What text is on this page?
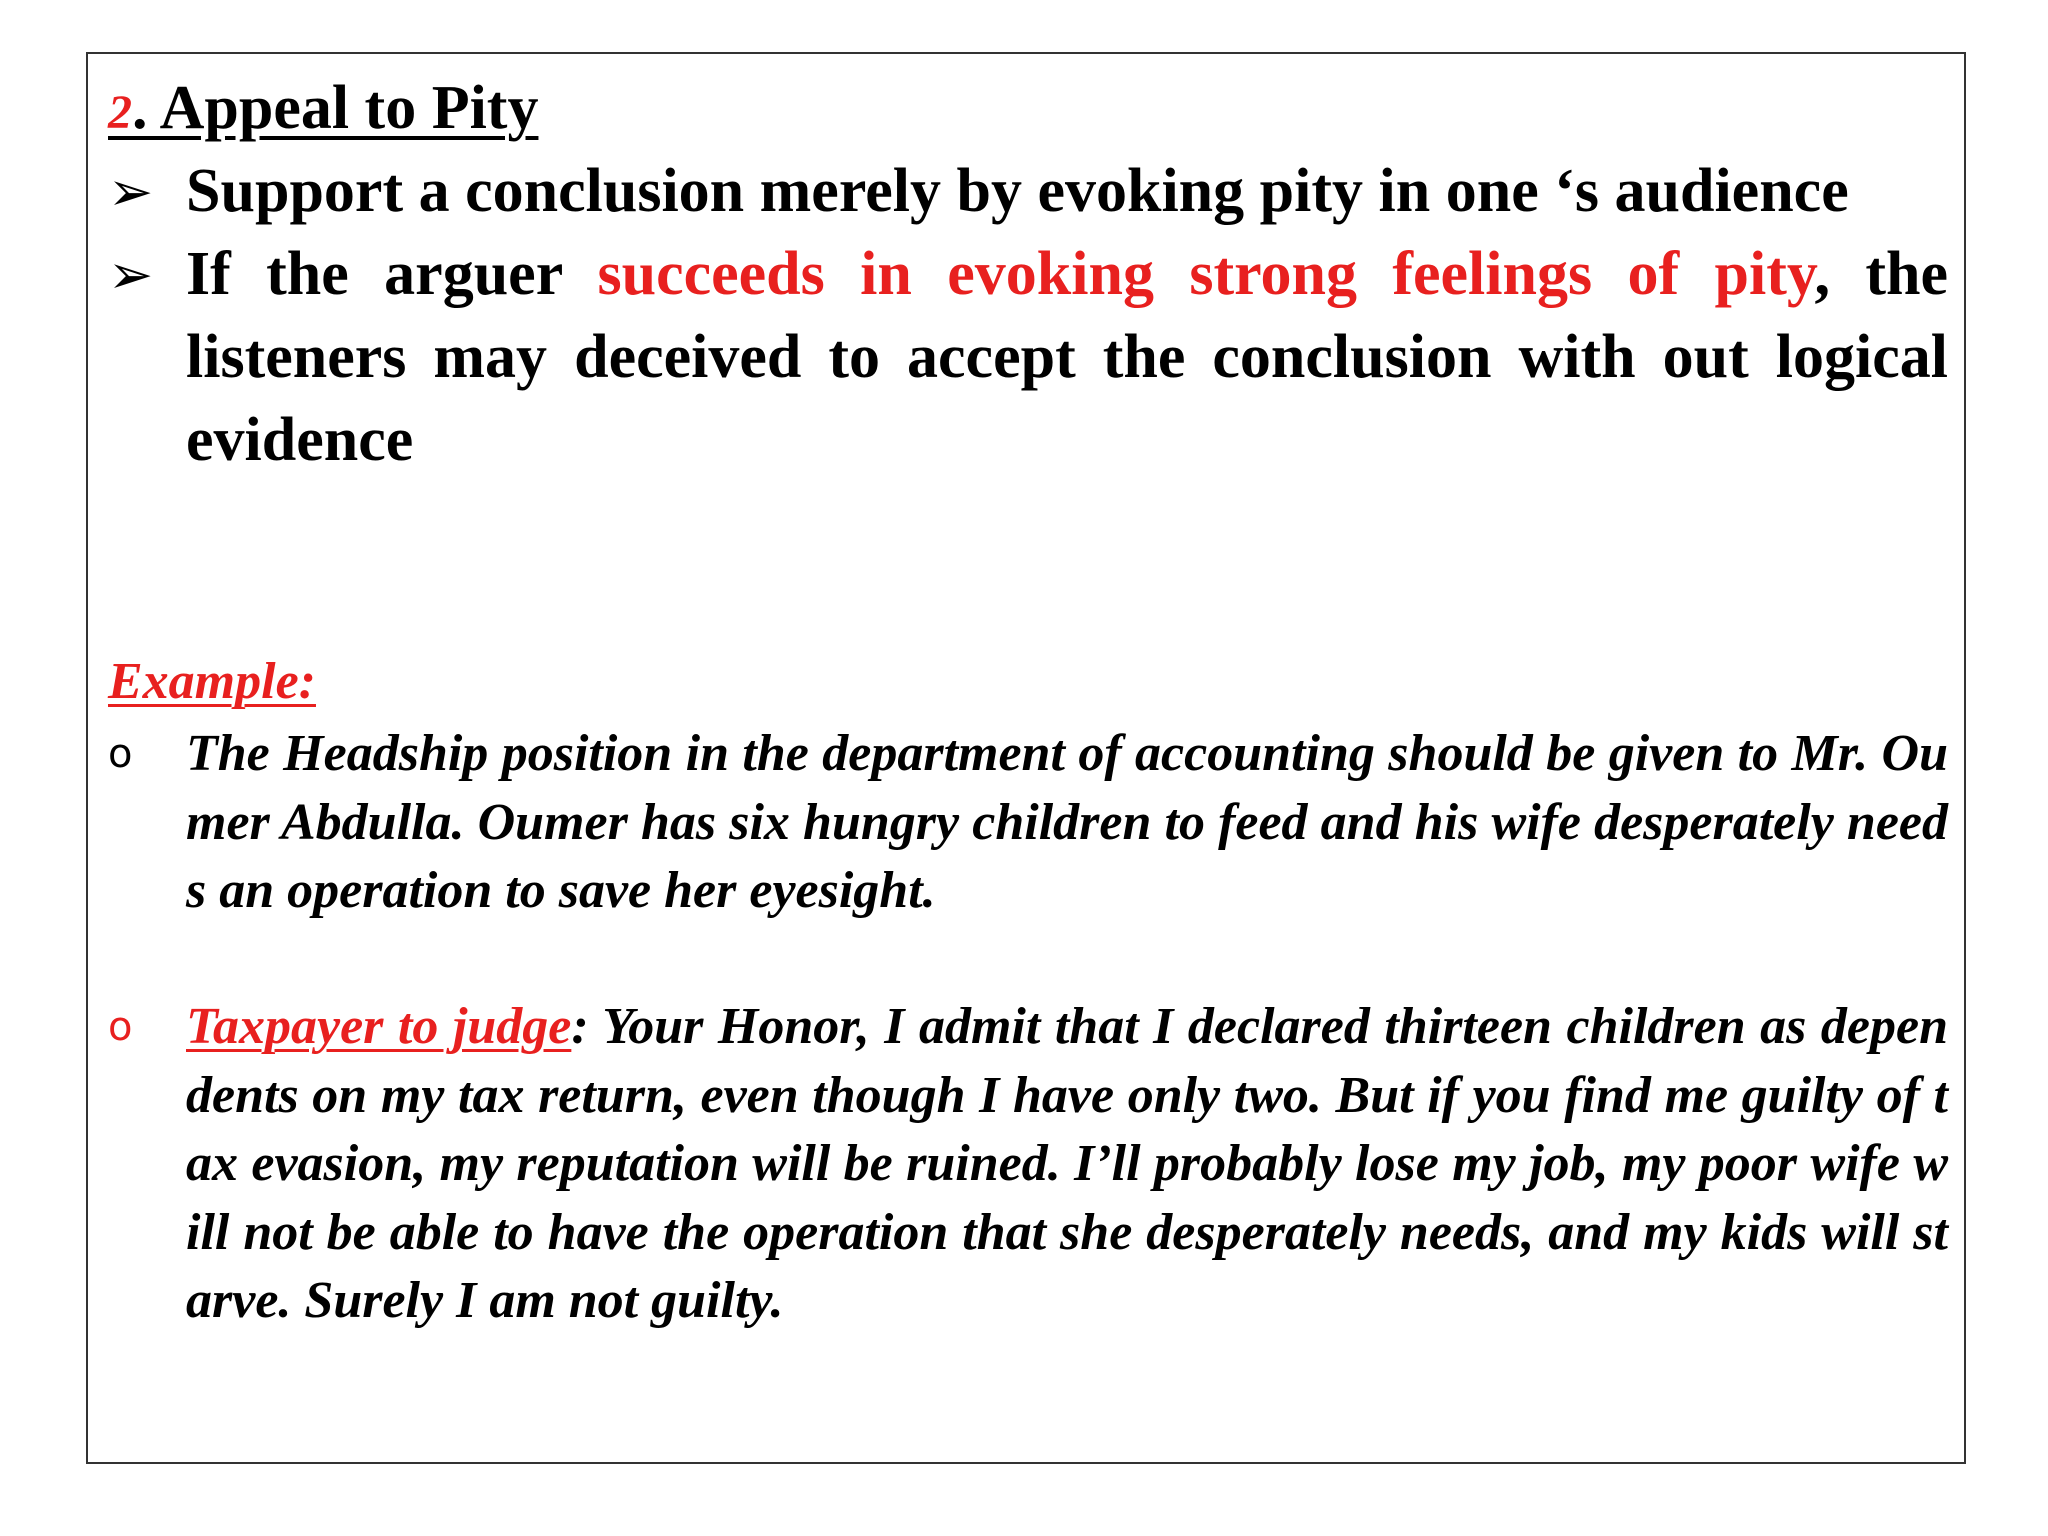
2. Appeal to Pity
➢ Support a conclusion merely by evoking pity in one ‘s audience
➢ If the arguer succeeds in evoking strong feelings of pity, the listeners may deceived to accept the conclusion with out logical evidence
Example:
o	The Headship position in the department of accounting should be given to Mr. Oumer Abdulla. Oumer has six hungry children to feed and his wife desperately needs an operation to save her eyesight.
o	Taxpayer to judge: Your Honor, I admit that I declared thirteen children as dependents on my tax return, even though I have only two. But if you find me guilty of tax evasion, my reputation will be ruined. I’ll probably lose my job, my poor wife will not be able to have the operation that she desperately needs, and my kids will starve. Surely I am not guilty.
